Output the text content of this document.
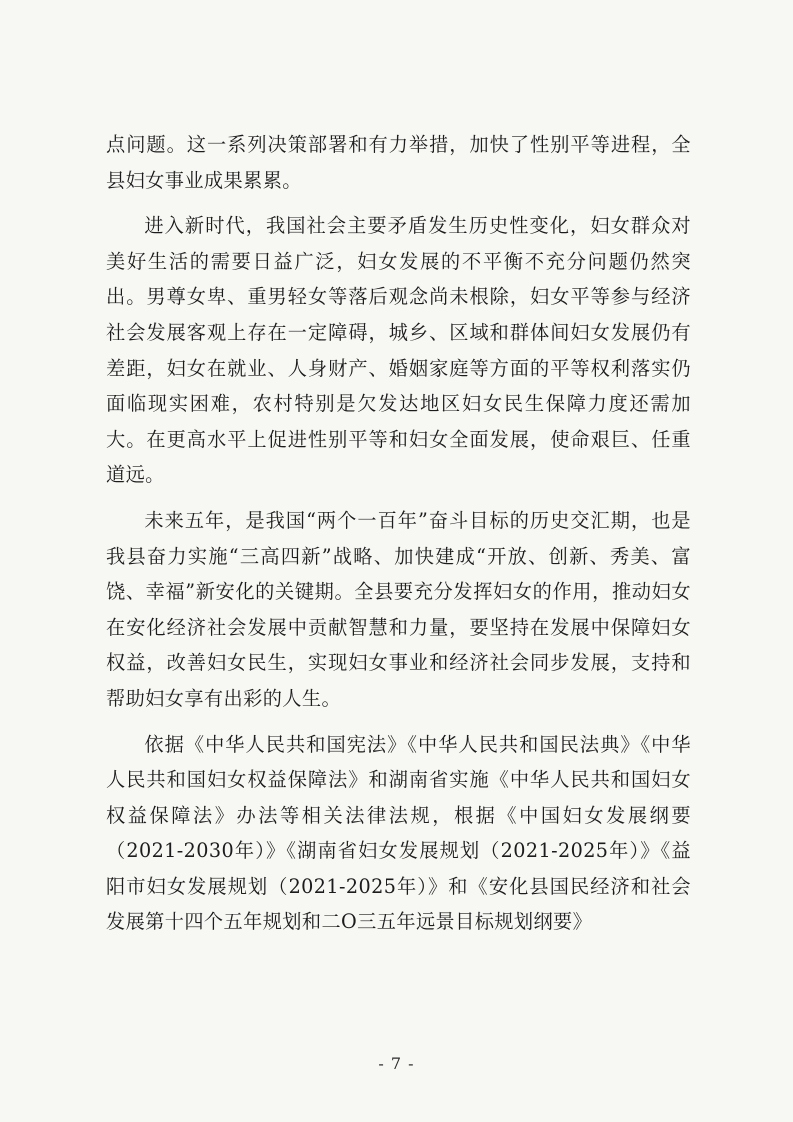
点问题。这一系列决策部署和有力举措，加快了性别平等进程，全县妇女事业成果累累。

进入新时代，我国社会主要矛盾发生历史性变化，妇女群众对美好生活的需要日益广泛，妇女发展的不平衡不充分问题仍然突出。男尊女卑、重男轻女等落后观念尚未根除，妇女平等参与经济社会发展客观上存在一定障碍，城乡、区域和群体间妇女发展仍有差距，妇女在就业、人身财产、婚姻家庭等方面的平等权利落实仍面临现实困难，农村特别是欠发达地区妇女民生保障力度还需加大。在更高水平上促进性别平等和妇女全面发展，使命艰巨、任重道远。

未来五年，是我国“两个一百年”奋斗目标的历史交汇期，也是我县奋力实施“三高四新”战略、加快建成“开放、创新、秀美、富饶、幸福”新安化的关键期。全县要充分发挥妇女的作用，推动妇女在安化经济社会发展中贡献智慧和力量，要坚持在发展中保障妇女权益，改善妇女民生，实现妇女事业和经济社会同步发展，支持和帮助妇女享有出彩的人生。

依据《中华人民共和国宪法》《中华人民共和国民法典》《中华人民共和国妇女权益保障法》和湖南省实施《中华人民共和国妇女权益保障法》办法等相关法律法规，根据《中国妇女发展纲要（2021-2030年）》《湖南省妇女发展规划（2021-2025年）》《益阳市妇女发展规划（2021-2025年）》和《安化县国民经济和社会发展第十四个五年规划和二O三五年远景目标规划纲要》

- 7 -
